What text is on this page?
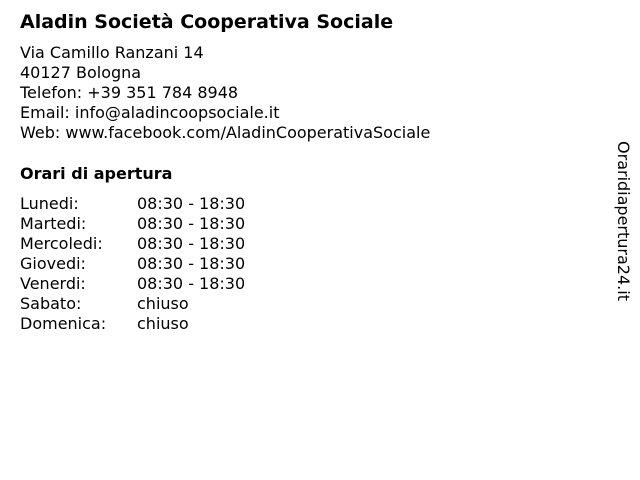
Aladin Società Cooperativa Sociale
Via Camillo Ranzani 14
40127 Bologna
Telefon: +39 351 784 8948
Email: info@aladincoopsociale.it
Web: www.facebook.com/AladinCooperativaSociale
Orari di apertura
Lunedi:	08:30 - 18:30
Martedi:	08:30 - 18:30
Mercoledi:	08:30 - 18:30
Giovedi:	08:30 - 18:30
Venerdi:	08:30 - 18:30
Sabato:	chiuso
Domenica:	chiuso
Oraridiapertura24.it
